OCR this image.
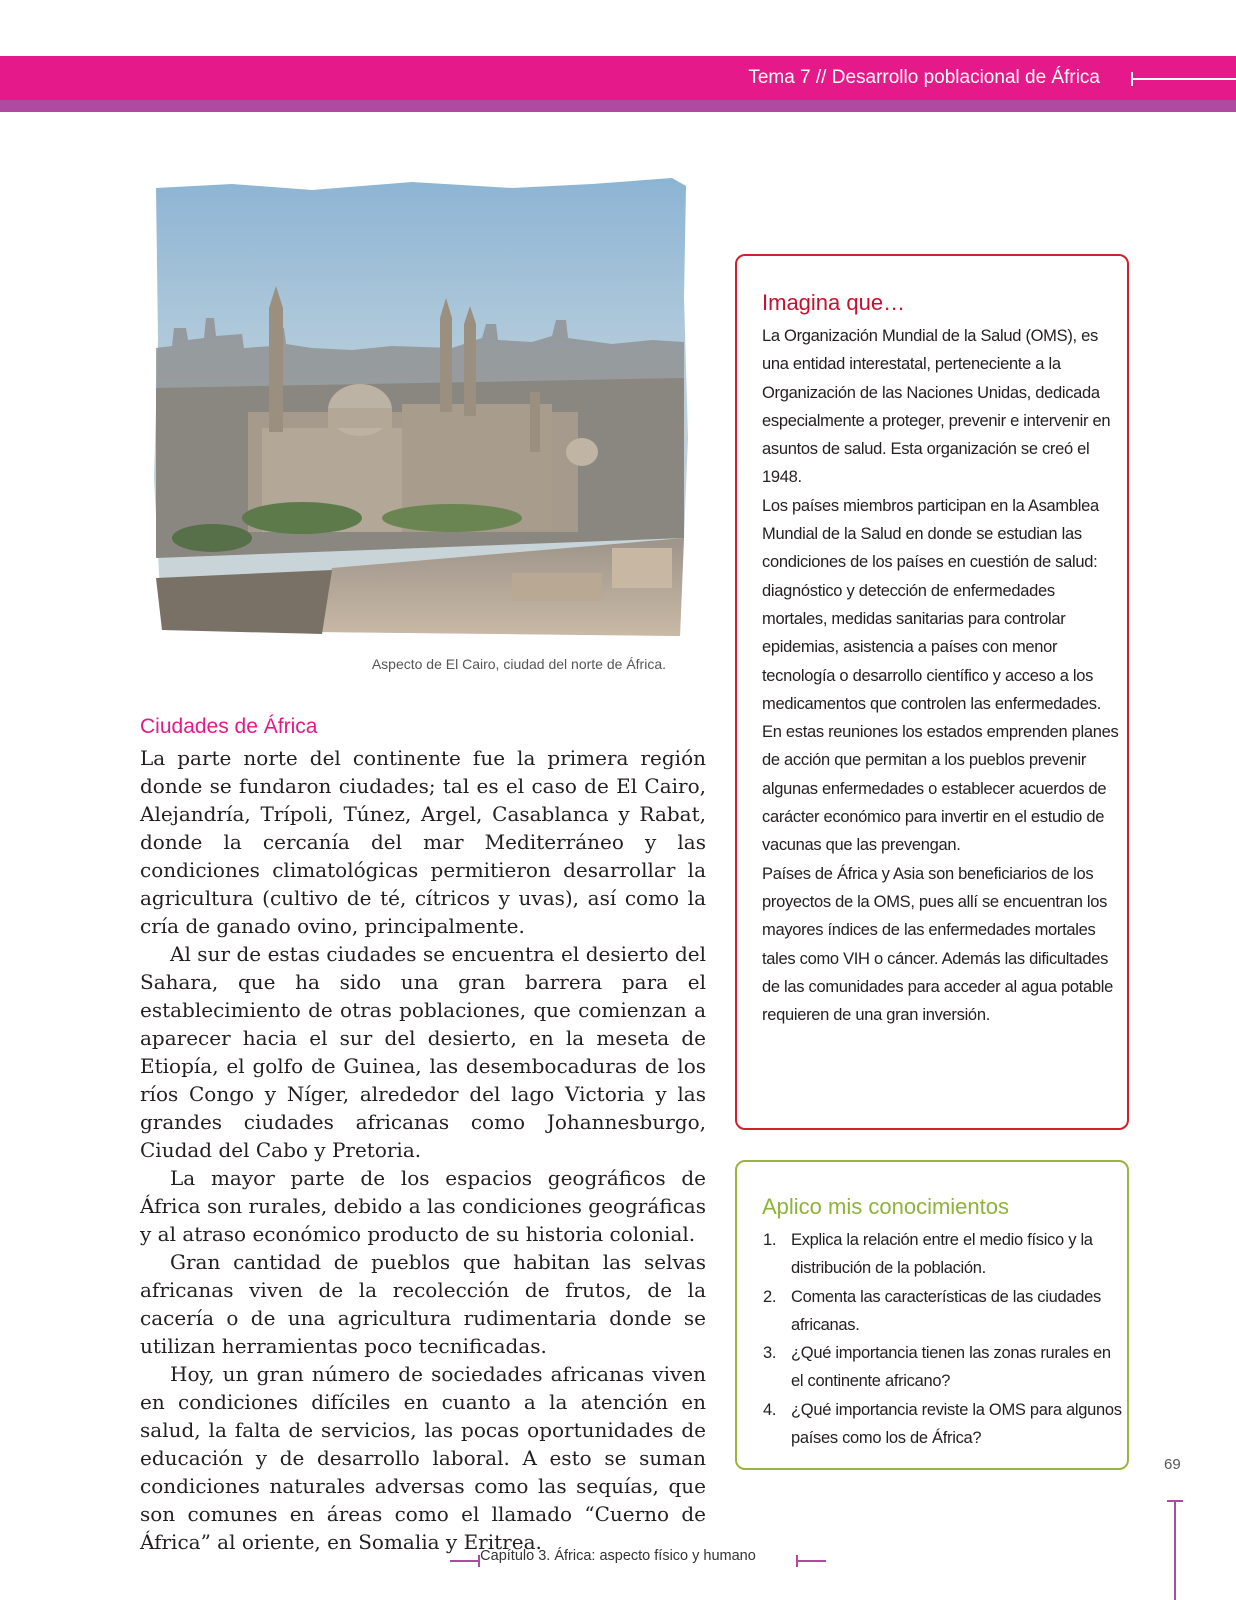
Tema 7 // Desarrollo poblacional de África
Aspecto de El Cairo, ciudad del norte de África.
Ciudades de África

La parte norte del continente fue la primera región donde se fundaron ciudades; tal es el caso de El Cairo, Alejandría, Trípoli, Túnez, Argel, Casablanca y Rabat, donde la cercanía del mar Mediterráneo y las condiciones climatológicas permitieron desarrollar la agricultura (cultivo de té, cítricos y uvas), así como la cría de ganado ovino, principalmente.

Al sur de estas ciudades se encuentra el desierto del Sahara, que ha sido una gran barrera para el establecimiento de otras poblaciones, que comienzan a aparecer hacia el sur del desierto, en la meseta de Etiopía, el golfo de Guinea, las desembocaduras de los ríos Congo y Níger, alrededor del lago Victoria y las grandes ciudades africanas como Johannesburgo, Ciudad del Cabo y Pretoria.

La mayor parte de los espacios geográficos de África son rurales, debido a las condiciones geográficas y al atraso económico producto de su historia colonial.

Gran cantidad de pueblos que habitan las selvas africanas viven de la recolección de frutos, de la cacería o de una agricultura rudimentaria donde se utilizan herramientas poco tecnificadas.

Hoy, un gran número de sociedades africanas viven en condiciones difíciles en cuanto a la atención en salud, la falta de servicios, las pocas oportunidades de educación y de desarrollo laboral. A esto se suman condiciones naturales adversas como las sequías, que son comunes en áreas como el llamado “Cuerno de África” al oriente, en Somalia y Eritrea.

Imagina que…

La Organización Mundial de la Salud (OMS), es una entidad interestatal, perteneciente a la Organización de las Naciones Unidas, dedicada especialmente a proteger, prevenir e intervenir en asuntos de salud. Esta organización se creó el 1948.

Los países miembros participan en la Asamblea Mundial de la Salud en donde se estudian las condiciones de los países en cuestión de salud: diagnóstico y detección de enfermedades mortales, medidas sanitarias para controlar epidemias, asistencia a países con menor tecnología o desarrollo científico y acceso a los medicamentos que controlen las enfermedades.

En estas reuniones los estados emprenden planes de acción que permitan a los pueblos prevenir algunas enfermedades o establecer acuerdos de carácter económico para invertir en el estudio de vacunas que las prevengan.

Países de África y Asia son beneficiarios de los proyectos de la OMS, pues allí se encuentran los mayores índices de las enfermedades mortales tales como VIH o cáncer. Además las dificultades de las comunidades para acceder al agua potable requieren de una gran inversión.

Aplico mis conocimientos
1. Explica la relación entre el medio físico y la distribución de la población.
2. Comenta las características de las ciudades africanas.
3. ¿Qué importancia tienen las zonas rurales en el continente africano?
4. ¿Qué importancia reviste la OMS para algunos países como los de África?
69
Capítulo 3. África: aspecto físico y humano
